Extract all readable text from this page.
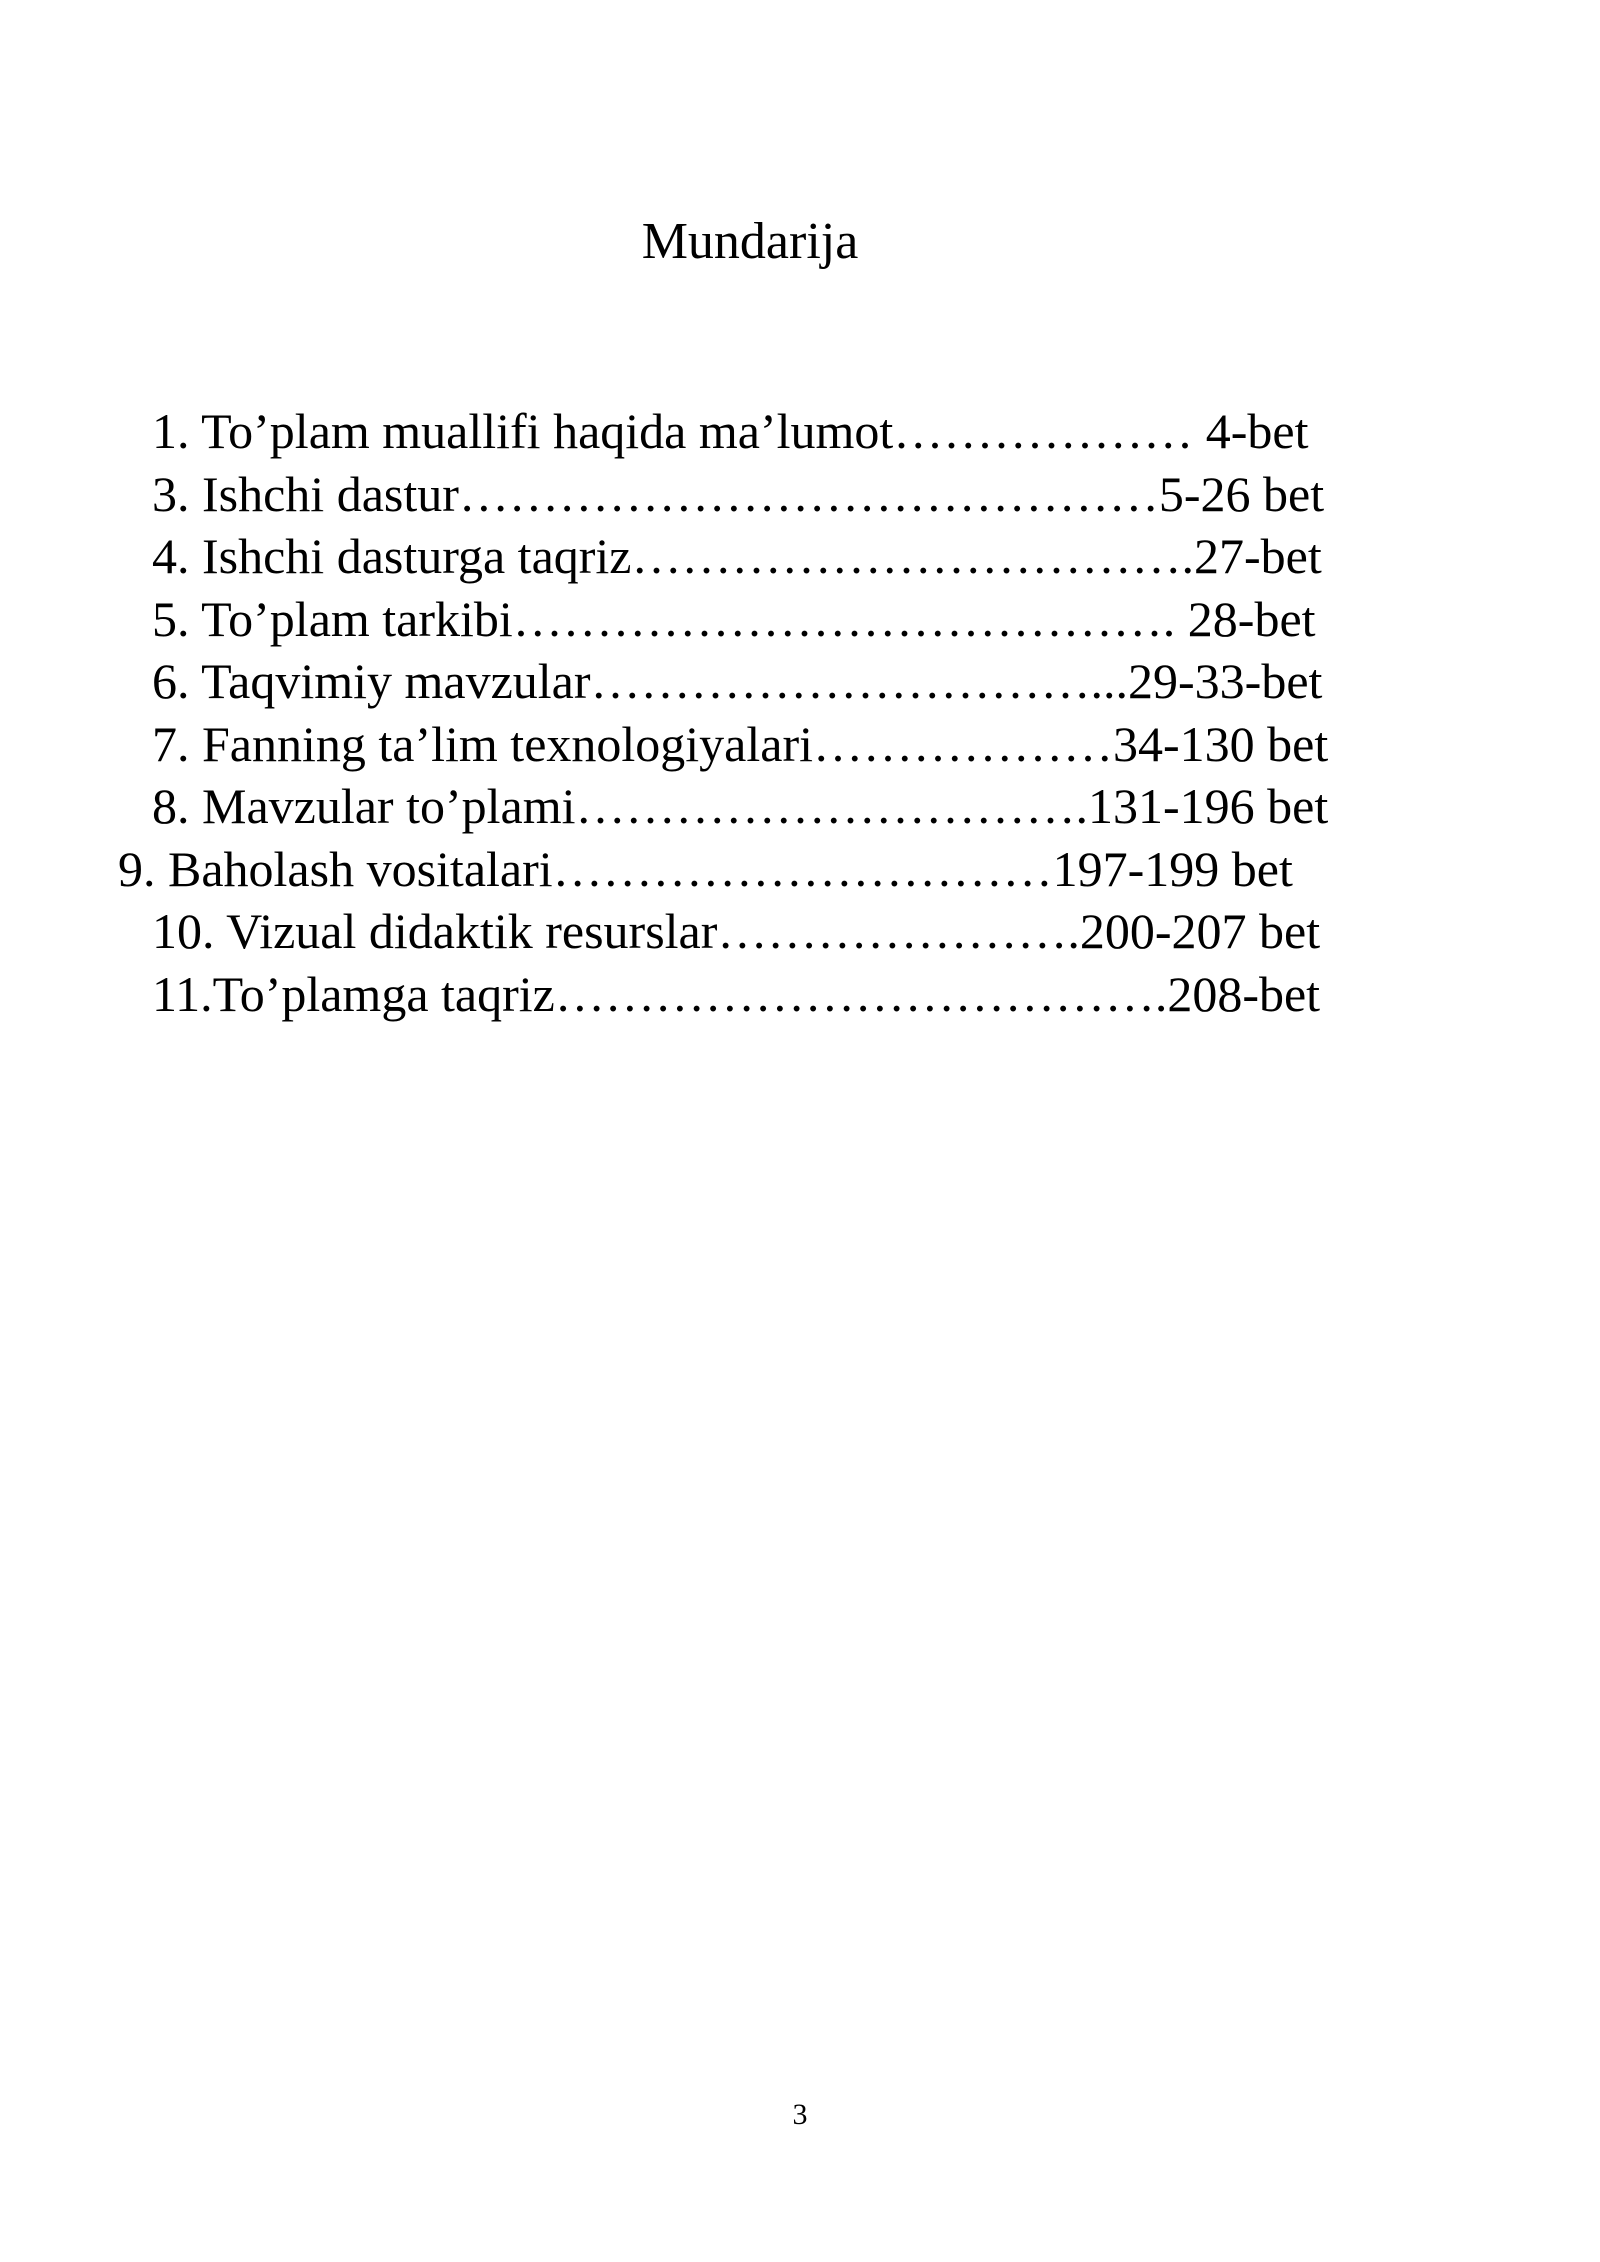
Mundarija
1. To’plam muallifi haqida ma’lumot……………… 4-bet
3. Ishchi dastur……………………………………5-26 bet
4. Ishchi dasturga taqriz…………………………….27-bet
5. To’plam tarkibi…………………………………. 28-bet
6. Taqvimiy mavzular…………………………...29-33-bet
7. Fanning ta’lim texnologiyalari………………34-130 bet
8. Mavzular to’plami………………………….131-196 bet
9. Baholash vositalari…………………………197-199 bet
10. Vizual didaktik resurslar………………….200-207 bet
11.To’plamga taqriz……………………………….208-bet
3
